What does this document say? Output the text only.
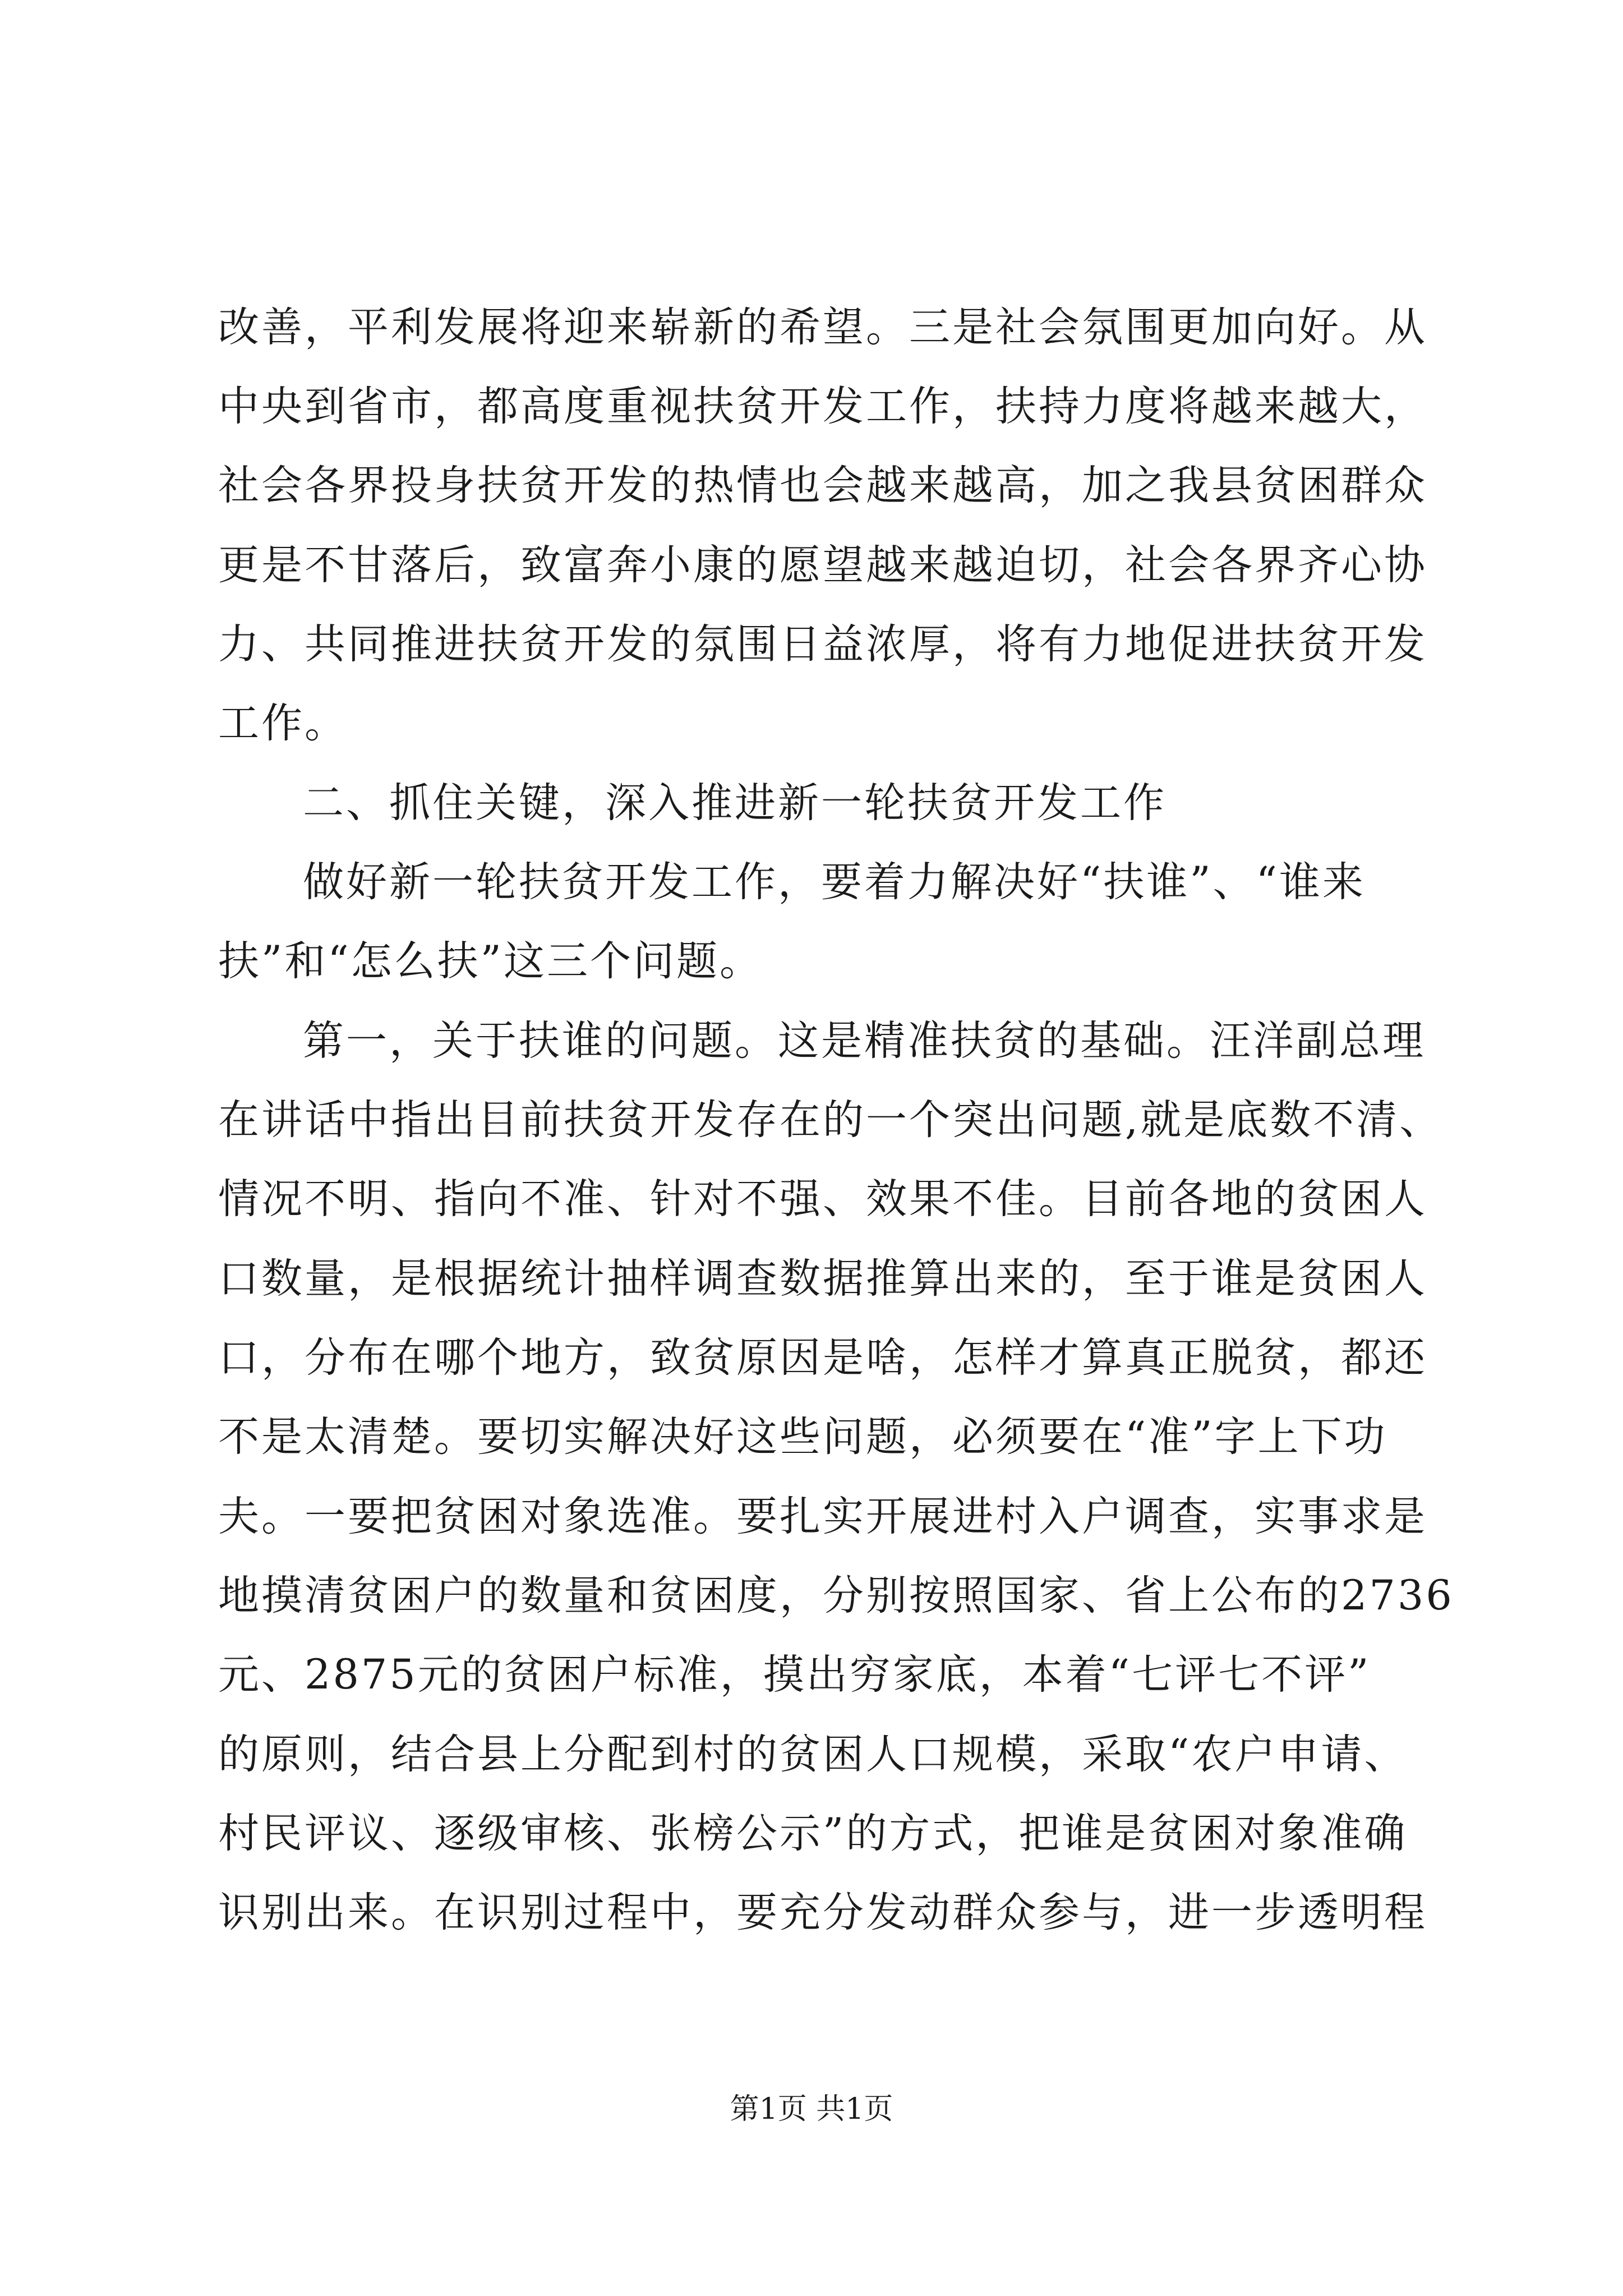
改善，平利发展将迎来崭新的希望。三是社会氛围更加向好。从
中央到省市，都高度重视扶贫开发工作，扶持力度将越来越大，
社会各界投身扶贫开发的热情也会越来越高，加之我县贫困群众
更是不甘落后，致富奔小康的愿望越来越迫切，社会各界齐心协
力、共同推进扶贫开发的氛围日益浓厚，将有力地促进扶贫开发
工作。
二、抓住关键，深入推进新一轮扶贫开发工作
做好新一轮扶贫开发工作，要着力解决好“扶谁”、“谁来
扶”和“怎么扶”这三个问题。
第一，关于扶谁的问题。这是精准扶贫的基础。汪洋副总理
在讲话中指出目前扶贫开发存在的一个突出问题,就是底数不清、
情况不明、指向不准、针对不强、效果不佳。目前各地的贫困人
口数量，是根据统计抽样调查数据推算出来的，至于谁是贫困人
口，分布在哪个地方，致贫原因是啥，怎样才算真正脱贫，都还
不是太清楚。要切实解决好这些问题，必须要在“准”字上下功
夫。一要把贫困对象选准。要扎实开展进村入户调查，实事求是
地摸清贫困户的数量和贫困度，分别按照国家、省上公布的2736
元、2875元的贫困户标准，摸出穷家底，本着“七评七不评”
的原则，结合县上分配到村的贫困人口规模，采取“农户申请、
村民评议、逐级审核、张榜公示”的方式，把谁是贫困对象准确
识别出来。在识别过程中，要充分发动群众参与，进一步透明程
第1页 共1页
